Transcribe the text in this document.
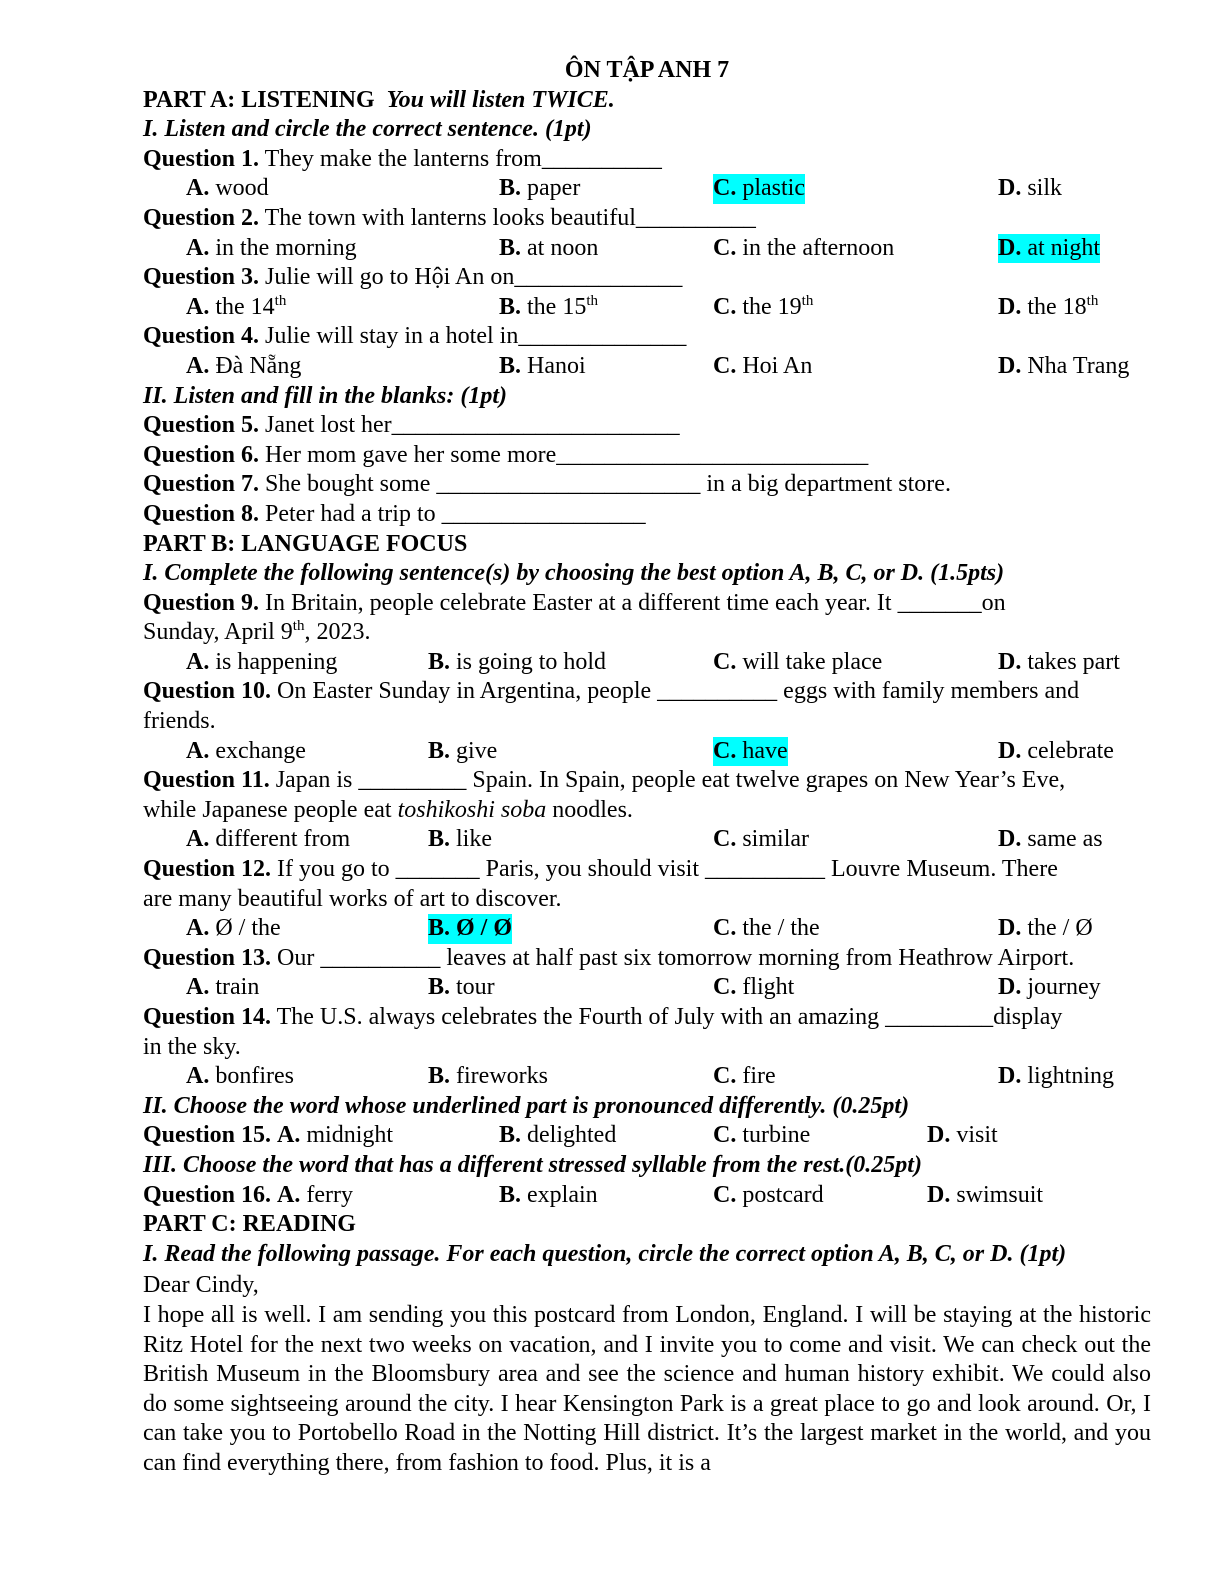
ÔN TẬP ANH 7
PART A: LISTENING You will listen TWICE.
I. Listen and circle the correct sentence. (1pt)
Question 1. They make the lanterns from__________
A. wood	B. paper	C. plastic	D. silk
Question 2. The town with lanterns looks beautiful__________
A. in the morning	B. at noon	C. in the afternoon	D. at night
Question 3. Julie will go to Hội An on______________
A. the 14th	B. the 15th	C. the 19th	D. the 18th
Question 4. Julie will stay in a hotel in______________
A. Đà Nẵng	B. Hanoi	C. Hoi An	D. Nha Trang
II. Listen and fill in the blanks: (1pt)
Question 5. Janet lost her________________________
Question 6. Her mom gave her some more__________________________
Question 7. She bought some ______________________ in a big department store.
Question 8. Peter had a trip to _________________
PART B: LANGUAGE FOCUS
I. Complete the following sentence(s) by choosing the best option A, B, C, or D. (1.5pts)
Question 9. In Britain, people celebrate Easter at a different time each year. It _______on
Sunday, April 9th, 2023.
A. is happening	B. is going to hold	C. will take place	D. takes part
Question 10. On Easter Sunday in Argentina, people __________ eggs with family members and
friends.
A. exchange	B. give	C. have	D. celebrate
Question 11. Japan is _________ Spain. In Spain, people eat twelve grapes on New Year’s Eve,
while Japanese people eat toshikoshi soba noodles.
A. different from	B. like	C. similar	D. same as
Question 12. If you go to _______ Paris, you should visit __________ Louvre Museum. There
are many beautiful works of art to discover.
A. Ø / the	B. Ø / Ø	C. the / the	D. the / Ø
Question 13. Our __________ leaves at half past six tomorrow morning from Heathrow Airport.
A. train	B. tour	C. flight	D. journey
Question 14. The U.S. always celebrates the Fourth of July with an amazing _________display
in the sky.
A. bonfires	B. fireworks	C. fire	D. lightning
II. Choose the word whose underlined part is pronounced differently. (0.25pt)
Question 15. A. midnight	B. delighted	C. turbine	D. visit
III. Choose the word that has a different stressed syllable from the rest.(0.25pt)
Question 16. A. ferry	B. explain	C. postcard	D. swimsuit
PART C: READING
I. Read the following passage. For each question, circle the correct option A, B, C, or D. (1pt)
Dear Cindy,
I hope all is well. I am sending you this postcard from London, England. I will be staying at the historic Ritz Hotel for the next two weeks on vacation, and I invite you to come and visit. We can check out the British Museum in the Bloomsbury area and see the science and human history exhibit. We could also do some sightseeing around the city. I hear Kensington Park is a great place to go and look around. Or, I can take you to Portobello Road in the Notting Hill district. It’s the largest market in the world, and you can find everything there, from fashion to food. Plus, it is a
